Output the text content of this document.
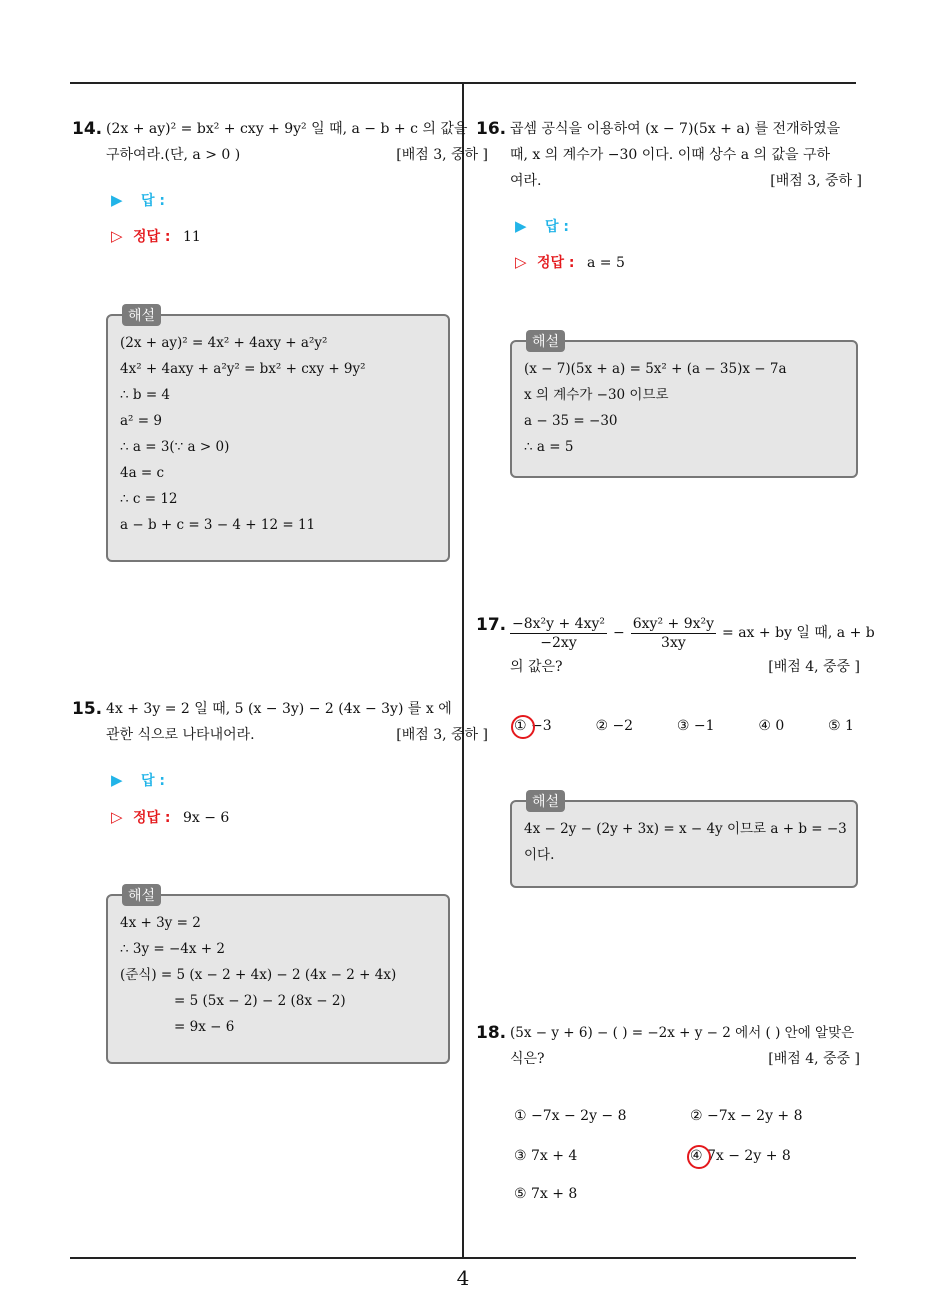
14. (2x + ay)² = bx² + cxy + 9y² 일 때, a − b + c 의 값을
구하여라.(단, a > 0 )	[배점 3, 중하 ]
▶ 답 :
▷ 정답 : 11
해설
(2x + ay)² = 4x² + 4axy + a²y²
4x² + 4axy + a²y² = bx² + cxy + 9y²
∴ b = 4
a² = 9
∴ a = 3(∵ a > 0)
4a = c
∴ c = 12
a − b + c = 3 − 4 + 12 = 11
15. 4x + 3y = 2 일 때, 5 (x − 3y) − 2 (4x − 3y) 를 x 에
관한 식으로 나타내어라.	[배점 3, 중하 ]
▶ 답 :
▷ 정답 : 9x − 6
해설
4x + 3y = 2
∴ 3y = −4x + 2
(준식) = 5 (x − 2 + 4x) − 2 (4x − 2 + 4x)
= 5 (5x − 2) − 2 (8x − 2)
= 9x − 6
16. 곱셈 공식을 이용하여 (x − 7)(5x + a) 를 전개하였을
때, x 의 계수가 −30 이다. 이때 상수 a 의 값을 구하
여라.	[배점 3, 중하 ]
▶ 답 :
▷ 정답 : a = 5
해설
(x − 7)(5x + a) = 5x² + (a − 35)x − 7a
x 의 계수가 −30 이므로
a − 35 = −30
∴ a = 5
17. $\frac{\text{−8x²y + 4xy²}}{-2xy} - \frac{\text{6xy² + 9x²y}}{3xy}$ = ax + by 일 때, a + b
의 값은?	[배점 4, 중중 ]
① −3	② −2	③ −1	④ 0	⑤ 1
해설
4x − 2y − (2y + 3x) = x − 4y 이므로 a + b = −3
이다.
18. (5x − y + 6) − ( ) = −2x + y − 2 에서 ( ) 안에 알맞은
식은?	[배점 4, 중중 ]
① −7x − 2y − 8	② −7x − 2y + 8
③ 7x + 4	④ 7x − 2y + 8
⑤ 7x + 8
4
